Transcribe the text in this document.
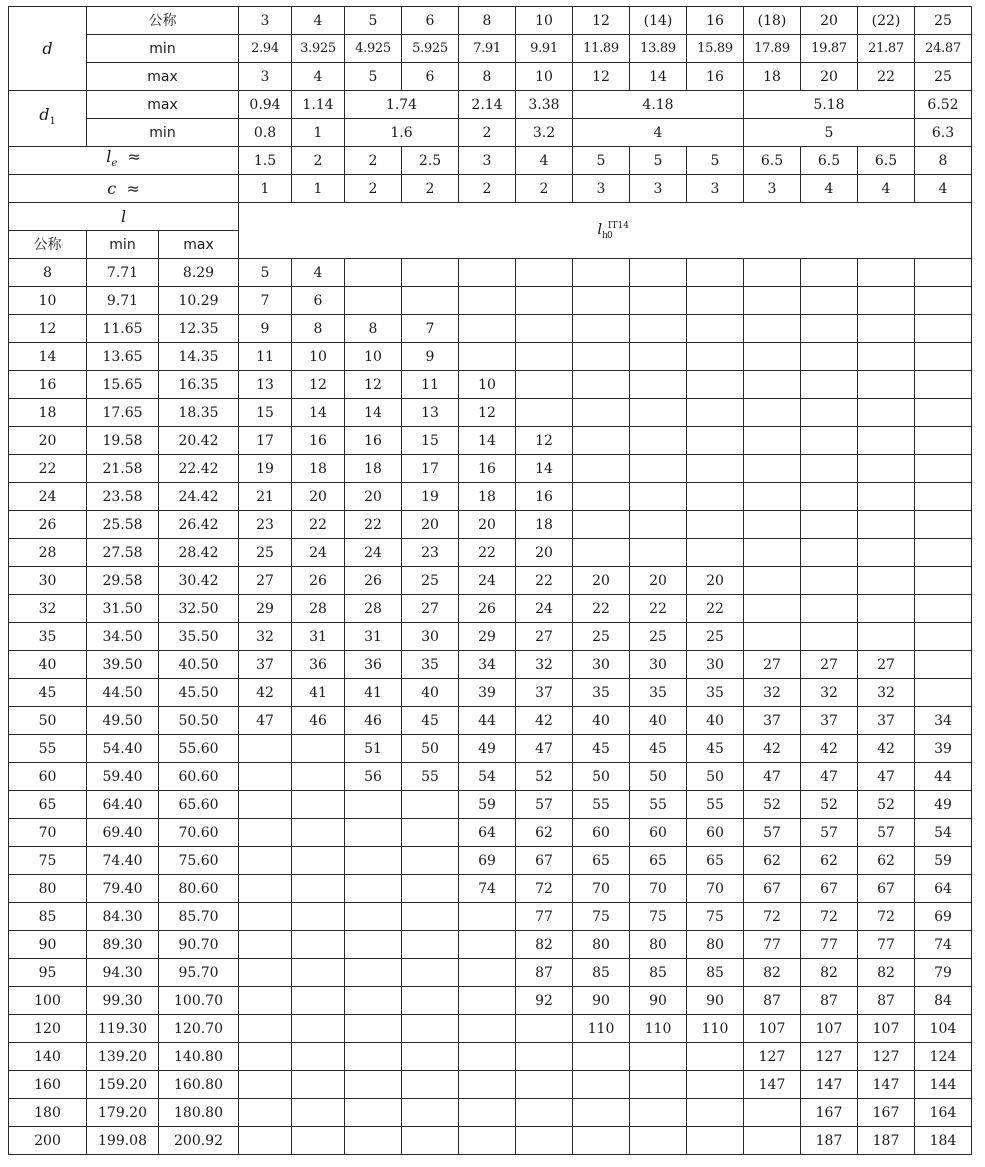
d	公称		3	4	5	6	8	10	12	(14)	16	(18)	20	(22)	25
	min		2.94	3.925	4.925	5.925	7.91	9.91	11.89	13.89	15.89	17.89	19.87	21.87	24.87
	max		3	4	5	6	8	10	12	14	16	18	20	22	25
$d_1$	max		0.94	1.14	1.74		2.14	3.38	4.18			5.18			6.52
	min		0.8	1	1.6		2	3.2	4			5			6.3
$l_e$ ≈			1.5	2	2	2.5	3	4	5	5	5	6.5	6.5	6.5	8
c ≈			1	1	2	2	2	2	3	3	3	3	4	4	4
l			$l_h^{IT14}_0$
公称	min	max													
8	7.71	8.29	5	4											
10	9.71	10.29	7	6											
12	11.65	12.35	9	8	8	7									
14	13.65	14.35	11	10	10	9									
16	15.65	16.35	13	12	12	11	10								
18	17.65	18.35	15	14	14	13	12								
20	19.58	20.42	17	16	16	15	14	12							
22	21.58	22.42	19	18	18	17	16	14							
24	23.58	24.42	21	20	20	19	18	16							
26	25.58	26.42	23	22	22	20	20	18							
28	27.58	28.42	25	24	24	23	22	20							
30	29.58	30.42	27	26	26	25	24	22	20	20	20				
32	31.50	32.50	29	28	28	27	26	24	22	22	22				
35	34.50	35.50	32	31	31	30	29	27	25	25	25				
40	39.50	40.50	37	36	36	35	34	32	30	30	30	27	27	27	
45	44.50	45.50	42	41	41	40	39	37	35	35	35	32	32	32	
50	49.50	50.50	47	46	46	45	44	42	40	40	40	37	37	37	34
55	54.40	55.60			51	50	49	47	45	45	45	42	42	42	39
60	59.40	60.60			56	55	54	52	50	50	50	47	47	47	44
65	64.40	65.60					59	57	55	55	55	52	52	52	49
70	69.40	70.60					64	62	60	60	60	57	57	57	54
75	74.40	75.60					69	67	65	65	65	62	62	62	59
80	79.40	80.60					74	72	70	70	70	67	67	67	64
85	84.30	85.70						77	75	75	75	72	72	72	69
90	89.30	90.70						82	80	80	80	77	77	77	74
95	94.30	95.70						87	85	85	85	82	82	82	79
100	99.30	100.70						92	90	90	90	87	87	87	84
120	119.30	120.70							110	110	110	107	107	107	104
140	139.20	140.80										127	127	127	124
160	159.20	160.80										147	147	147	144
180	179.20	180.80											167	167	164
200	199.08	200.92											187	187	184
